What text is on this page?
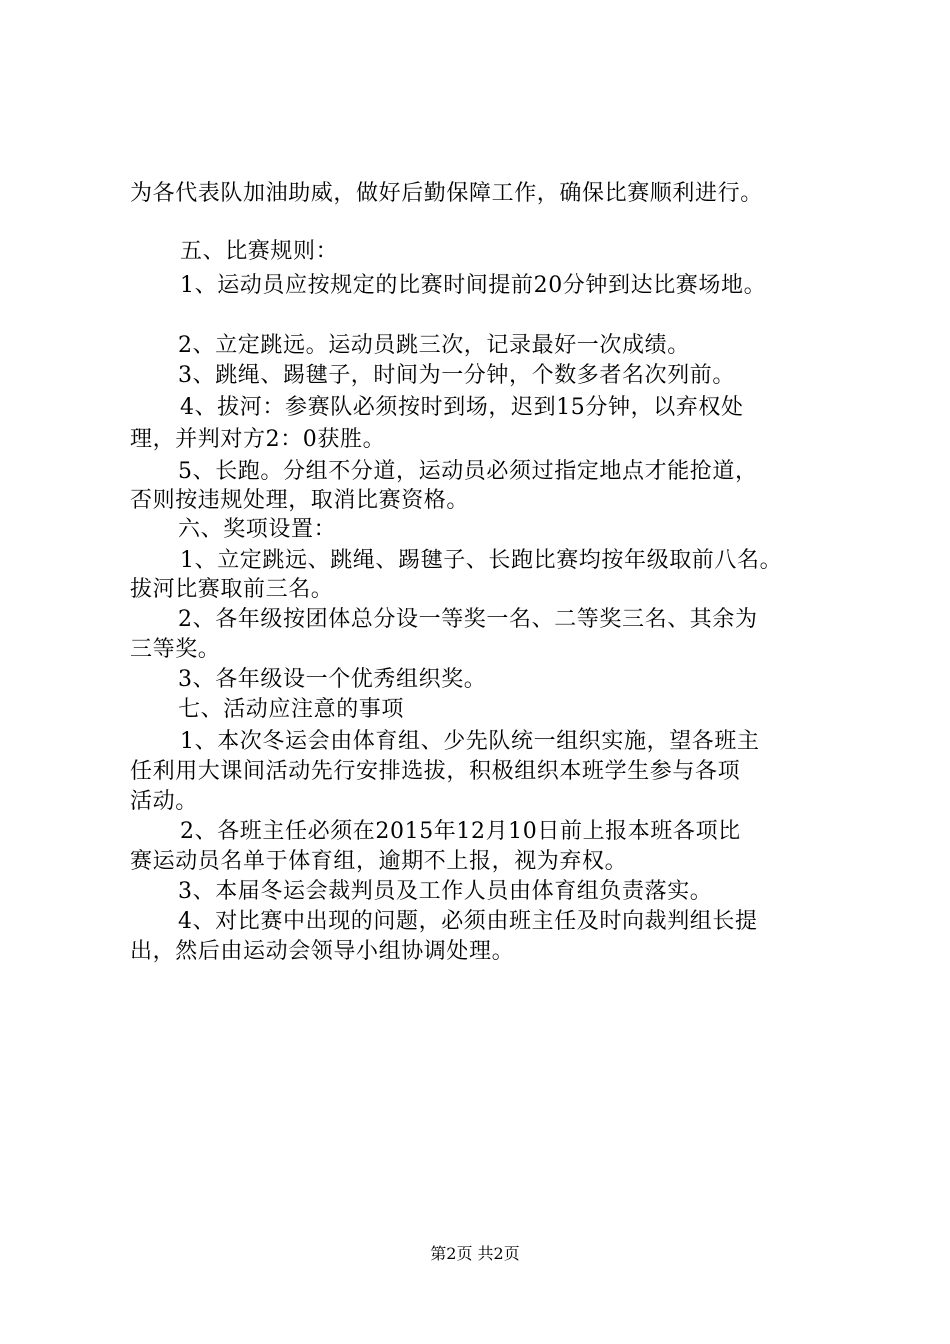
为各代表队加油助威，做好后勤保障工作，确保比赛顺利进行。
五、比赛规则：
1、运动员应按规定的比赛时间提前20分钟到达比赛场地。
2、立定跳远。运动员跳三次，记录最好一次成绩。
3、跳绳、踢毽子，时间为一分钟，个数多者名次列前。
4、拔河：参赛队必须按时到场，迟到15分钟，以弃权处
理，并判对方2：0获胜。
5、长跑。分组不分道，运动员必须过指定地点才能抢道，
否则按违规处理，取消比赛资格。
六、奖项设置：
1、立定跳远、跳绳、踢毽子、长跑比赛均按年级取前八名。
拔河比赛取前三名。
2、各年级按团体总分设一等奖一名、二等奖三名、其余为
三等奖。
3、各年级设一个优秀组织奖。
七、活动应注意的事项
1、本次冬运会由体育组、少先队统一组织实施，望各班主
任利用大课间活动先行安排选拔，积极组织本班学生参与各项
活动。
2、各班主任必须在2015年12月10日前上报本班各项比
赛运动员名单于体育组，逾期不上报，视为弃权。
3、本届冬运会裁判员及工作人员由体育组负责落实。
4、对比赛中出现的问题，必须由班主任及时向裁判组长提
出，然后由运动会领导小组协调处理。
第2页 共2页
